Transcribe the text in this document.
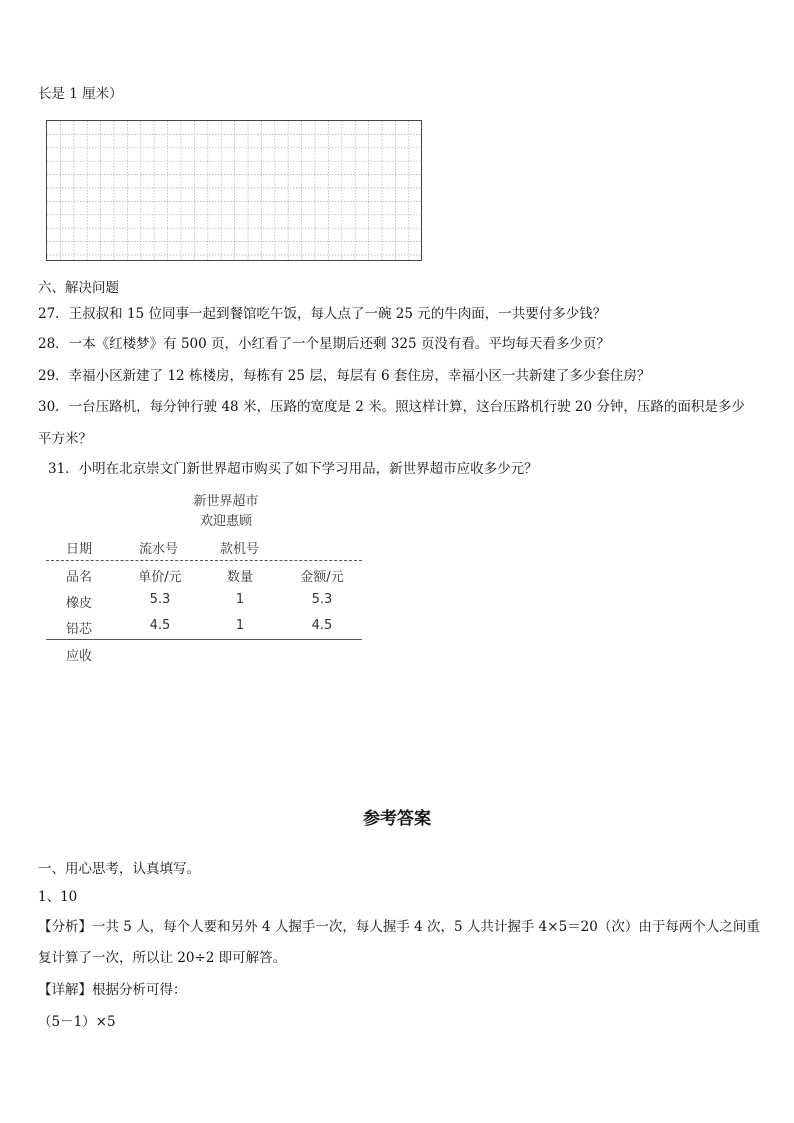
长是 1 厘米）
六、解决问题
27．王叔叔和 15 位同事一起到餐馆吃午饭，每人点了一碗 25 元的牛肉面，一共要付多少钱？
28．一本《红楼梦》有 500 页，小红看了一个星期后还剩 325 页没有看。平均每天看多少页？
29．幸福小区新建了 12 栋楼房，每栋有 25 层，每层有 6 套住房，幸福小区一共新建了多少套住房？
30．一台压路机，每分钟行驶 48 米，压路的宽度是 2 米。照这样计算，这台压路机行驶 20 分钟，压路的面积是多少
平方米？
31．小明在北京崇文门新世界超市购买了如下学习用品，新世界超市应收多少元？
新世界超市
欢迎惠顾
日期	流水号	款机号
品名	单价/元	数量	金额/元
橡皮	5.3	1	5.3
铅芯	4.5	1	4.5
应收
参考答案
一、用心思考，认真填写。
1、10
【分析】一共 5 人，每个人要和另外 4 人握手一次，每人握手 4 次，5 人共计握手 4×5＝20（次）由于每两个人之间重
复计算了一次，所以让 20÷2 即可解答。
【详解】根据分析可得：
（5－1）×5
